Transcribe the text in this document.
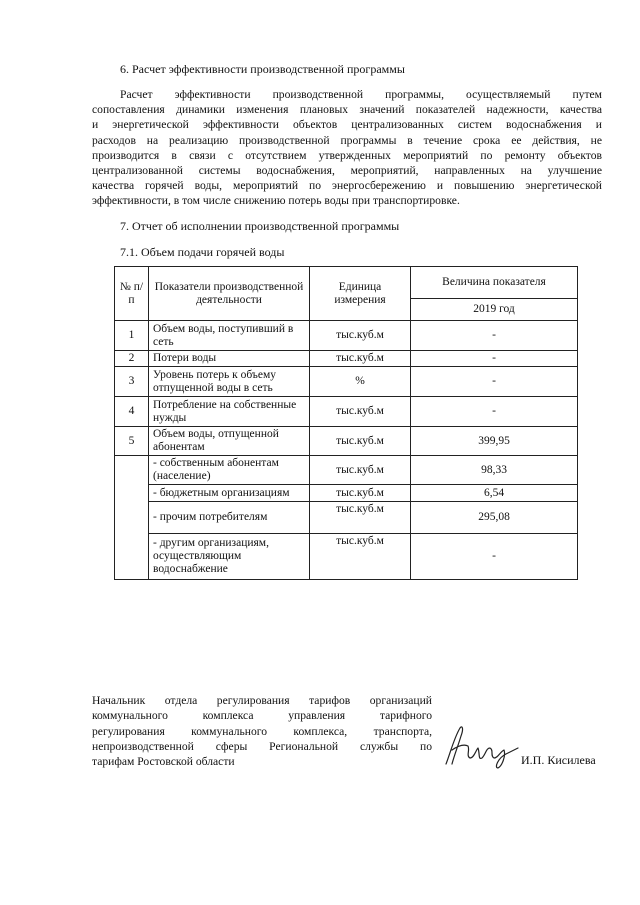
6. Расчет эффективности производственной программы

Расчет эффективности производственной программы, осуществляемый путем
сопоставления динамики изменения плановых значений показателей надежности, качества
и энергетической эффективности объектов централизованных систем водоснабжения и
расходов на реализацию производственной программы в течение срока ее действия, не
производится в связи с отсутствием утвержденных мероприятий по ремонту объектов
централизованной системы водоснабжения, мероприятий, направленных на улучшение
качества горячей воды, мероприятий по энергосбережению и повышению энергетической
эффективности, в том числе снижению потерь воды при транспортировке.

7. Отчет об исполнении производственной программы
7.1. Объем подачи горячей воды
№ п/п	Показатели производственной деятельности	Единица измерения	Величина показателя
			2019 год
1	Объем воды, поступивший в сеть	тыс.куб.м	-
2	Потери воды	тыс.куб.м	-
3	Уровень потерь к объему отпущенной воды в сеть	%	-
4	Потребление на собственные нужды	тыс.куб.м	-
5	Объем воды, отпущенной абонентам	тыс.куб.м	399,95
	- собственным абонентам (население)	тыс.куб.м	98,33
	- бюджетным организациям	тыс.куб.м	6,54
	- прочим потребителям	тыс.куб.м	295,08
	- другим организациям, осуществляющим водоснабжение	тыс.куб.м	-

Начальник отдела регулирования тарифов организаций
коммунального комплекса управления тарифного
регулирования коммунального комплекса, транспорта,
непроизводственной сферы Региональной службы по
тарифам Ростовской области	И.П. Кисилева
